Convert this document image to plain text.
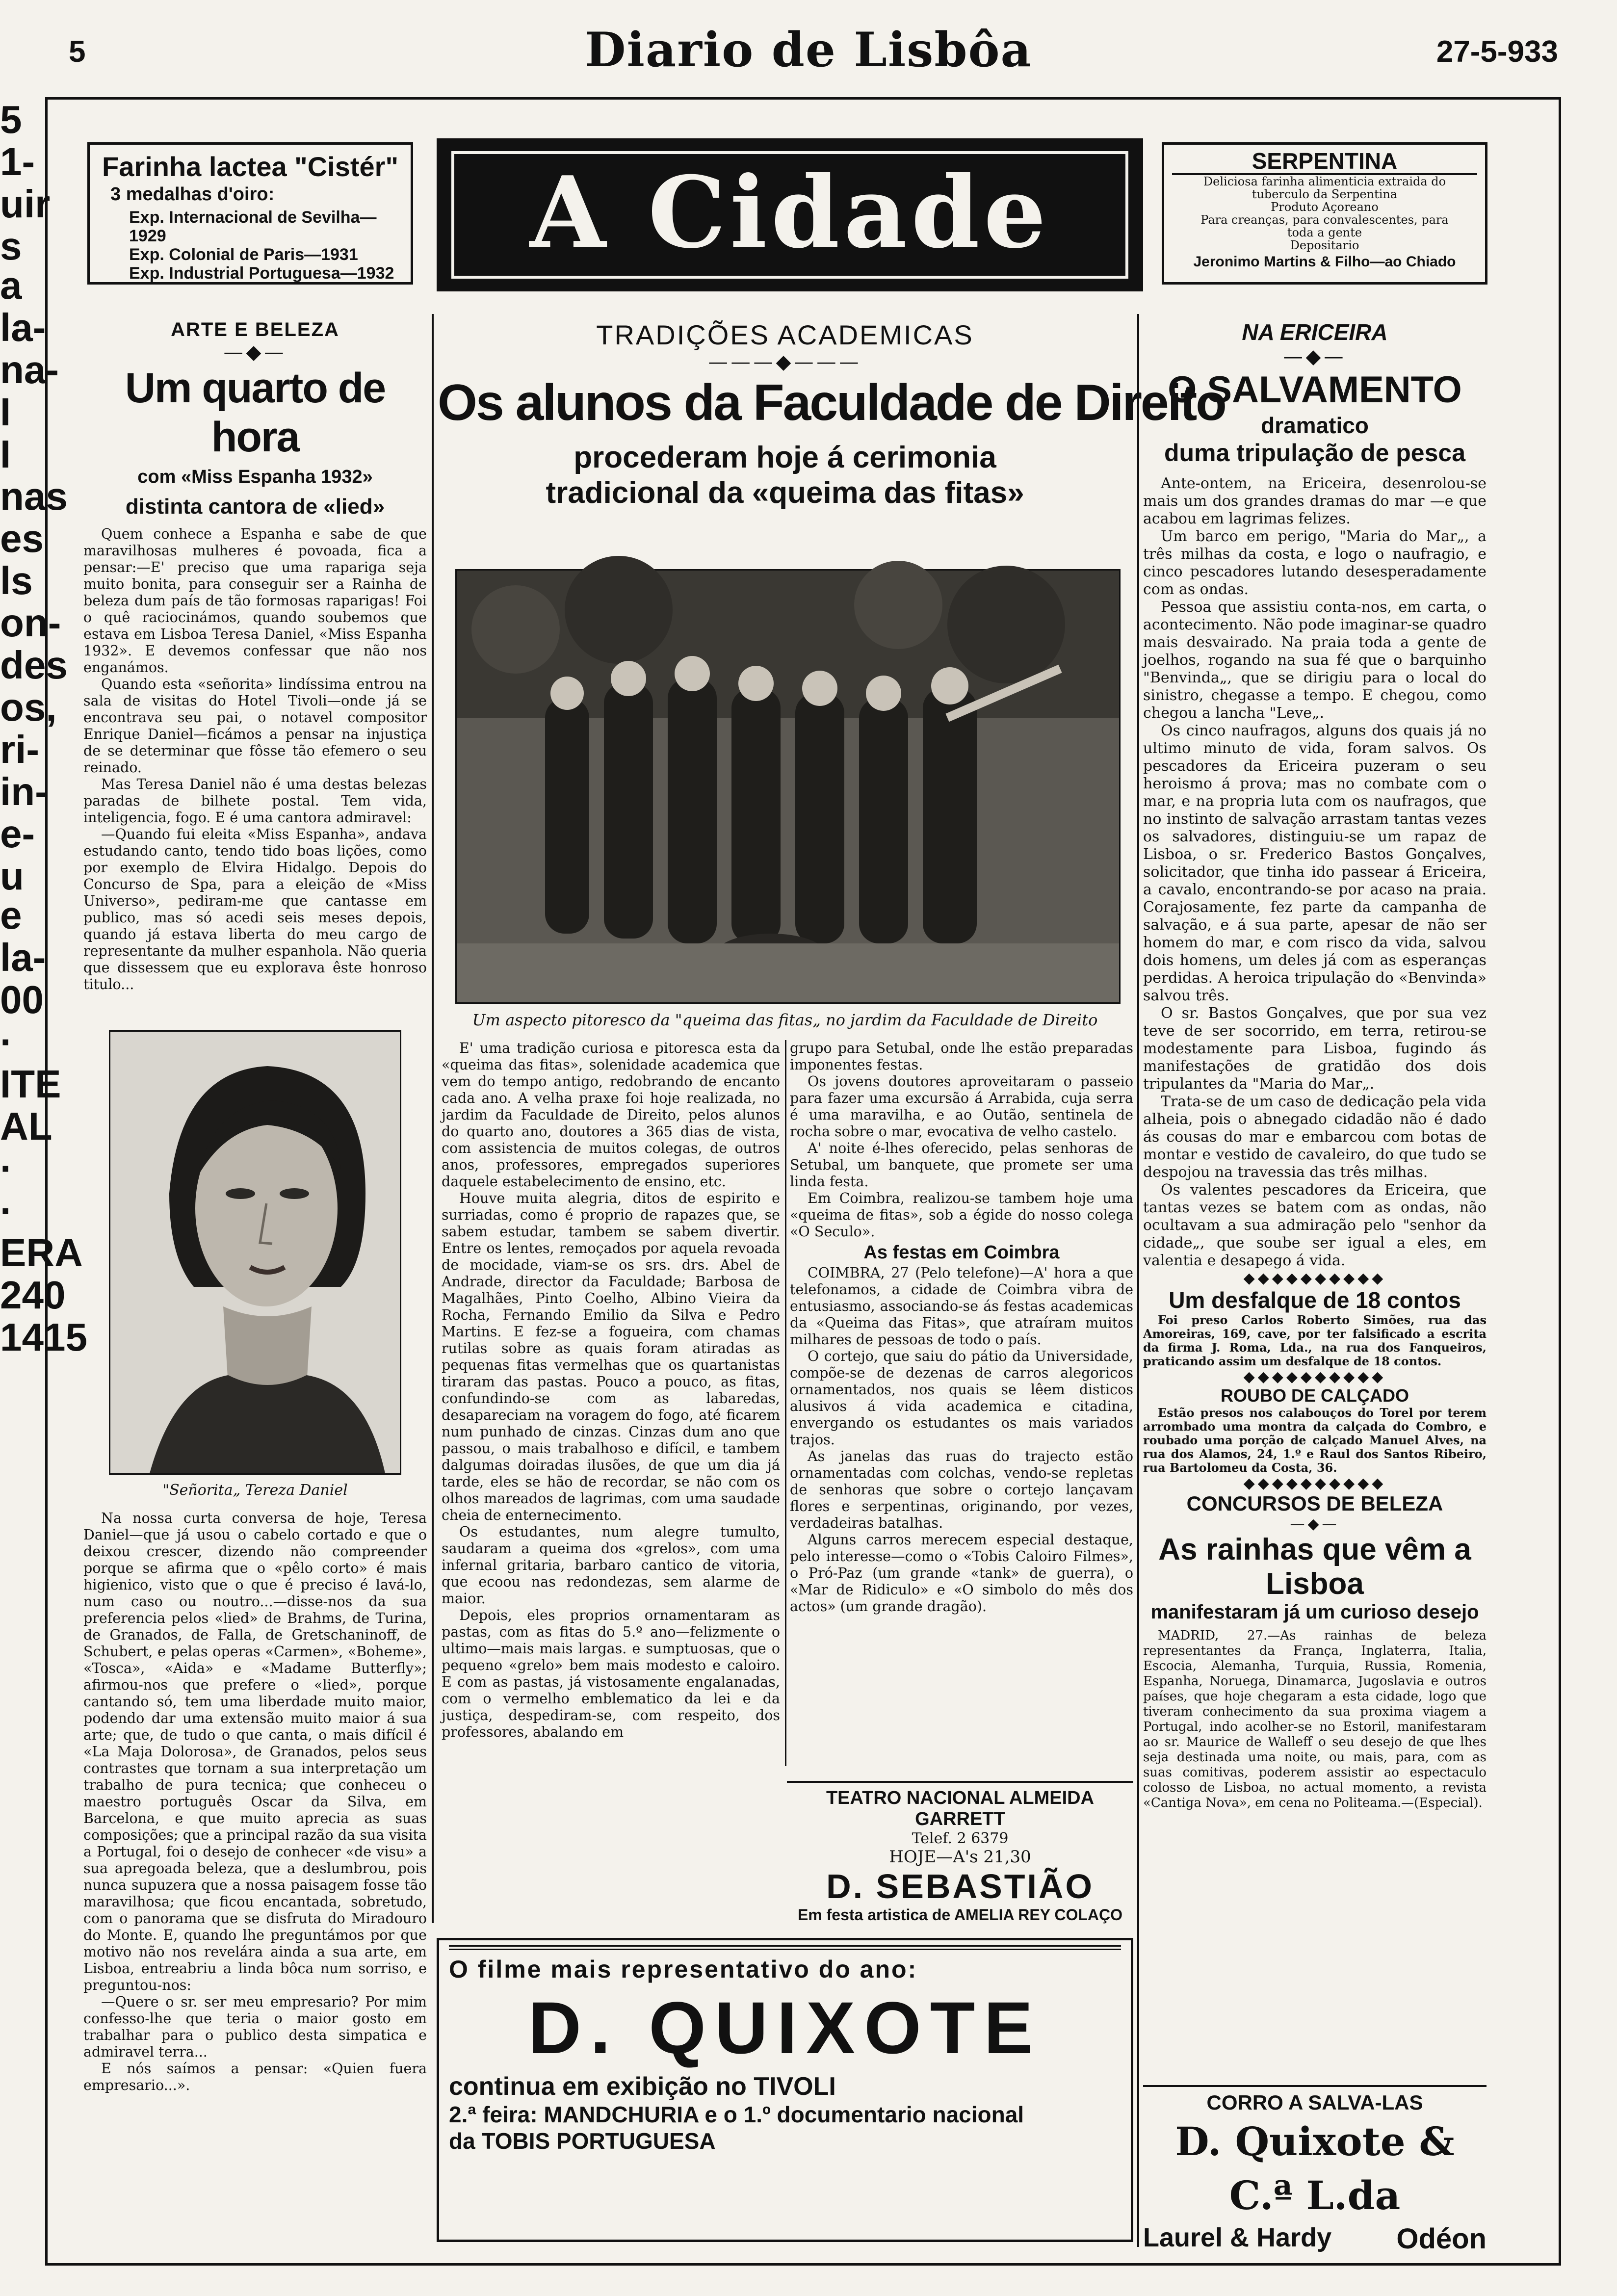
5	Diario de Lisbôa	27-5-933
5
1-
uir
s a
la-
na-
I
I
nas
es
ls
on-
des
os,
ri-
in-
e-
u e
la-
00
·
ITE
AL
·
·
ERA
240
1415
Farinha lactea "Cistér"
3 medalhas d'oiro:
Exp. Internacional de Sevilha—1929
Exp. Colonial de Paris—1931
Exp. Industrial Portuguesa—1932
A Cidade	SERPENTINA
Deliciosa farinha alimenticia extraida do
tuberculo da Serpentina
Produto Açoreano
Para creanças, para convalescentes, para
toda a gente
Depositario
Jeronimo Martins & Filho—ao Chiado
ARTE E BELEZA
—◆—
Um quarto de hora
com «Miss Espanha 1932»
distinta cantora de «lied»

Quem conhece a Espanha e sabe de que maravilhosas mulheres é povoada, fica a pensar:—E' preciso que uma rapariga seja muito bonita, para conseguir ser a Rainha de beleza dum país de tão formosas raparigas! Foi o quê raciocinámos, quando soubemos que estava em Lisboa Teresa Daniel, «Miss Espanha 1932». E devemos confessar que não nos enganámos.

Quando esta «señorita» lindíssima entrou na sala de visitas do Hotel Tivoli—onde já se encontrava seu pai, o notavel compositor Enrique Daniel—ficámos a pensar na injustiça de se determinar que fôsse tão efemero o seu reinado.

Mas Teresa Daniel não é uma destas belezas paradas de bilhete postal. Tem vida, inteligencia, fogo. E é uma cantora admiravel:

—Quando fui eleita «Miss Espanha», andava estudando canto, tendo tido boas lições, como por exemplo de Elvira Hidalgo. Depois do Concurso de Spa, para a eleição de «Miss Universo», pediram-me que cantasse em publico, mas só acedi seis meses depois, quando já estava liberta do meu cargo de representante da mulher espanhola. Não queria que dissessem que eu explorava êste honroso titulo...

"Señorita„ Tereza Daniel

Na nossa curta conversa de hoje, Teresa Daniel—que já usou o cabelo cortado e que o deixou crescer, dizendo não compreender porque se afirma que o «pêlo corto» é mais higienico, visto que o que é preciso é lavá-lo, num caso ou noutro...—disse-nos da sua preferencia pelos «lied» de Brahms, de Turina, de Granados, de Falla, de Gretschaninoff, de Schubert, e pelas operas «Carmen», «Boheme», «Tosca», «Aida» e «Madame Butterfly»; afirmou-nos que prefere o «lied», porque cantando só, tem uma liberdade muito maior, podendo dar uma extensão muito maior á sua arte; que, de tudo o que canta, o mais difícil é «La Maja Dolorosa», de Granados, pelos seus contrastes que tornam a sua interpretação um trabalho de pura tecnica; que conheceu o maestro português Oscar da Silva, em Barcelona, e que muito aprecia as suas composições; que a principal razão da sua visita a Portugal, foi o desejo de conhecer «de visu» a sua apregoada beleza, que a deslumbrou, pois nunca supuzera que a nossa paisagem fosse tão maravilhosa; que ficou encantada, sobretudo, com o panorama que se disfruta do Miradouro do Monte. E, quando lhe preguntámos por que motivo não nos revelára ainda a sua arte, em Lisboa, entreabriu a linda bôca num sorriso, e preguntou-nos:

—Quere o sr. ser meu empresario? Por mim confesso-lhe que teria o maior gosto em trabalhar para o publico desta simpatica e admiravel terra...

E nós saímos a pensar: «Quien fuera empresario...».

TRADIÇÕES ACADEMICAS
———◆———
Os alunos da Faculdade de Direito
procederam hoje á cerimonia tradicional da «queima das fitas»
Um aspecto pitoresco da "queima das fitas„ no jardim da Faculdade de Direito

E' uma tradição curiosa e pitoresca esta da «queima das fitas», solenidade academica que vem do tempo antigo, redobrando de encanto cada ano. A velha praxe foi hoje realizada, no jardim da Faculdade de Direito, pelos alunos do quarto ano, doutores a 365 dias de vista, com assistencia de muitos colegas, de outros anos, professores, empregados superiores daquele estabelecimento de ensino, etc.

Houve muita alegria, ditos de espirito e surriadas, como é proprio de rapazes que, se sabem estudar, tambem se sabem divertir. Entre os lentes, remoçados por aquela revoada de mocidade, viam-se os srs. drs. Abel de Andrade, director da Faculdade; Barbosa de Magalhães, Pinto Coelho, Albino Vieira da Rocha, Fernando Emilio da Silva e Pedro Martins. E fez-se a fogueira, com chamas rutilas sobre as quais foram atiradas as pequenas fitas vermelhas que os quartanistas tiraram das pastas. Pouco a pouco, as fitas, confundindo-se com as labaredas, desapareciam na voragem do fogo, até ficarem num punhado de cinzas. Cinzas dum ano que passou, o mais trabalhoso e difícil, e tambem dalgumas doiradas ilusões, de que um dia já tarde, eles se hão de recordar, se não com os olhos mareados de lagrimas, com uma saudade cheia de enternecimento.

Os estudantes, num alegre tumulto, saudaram a queima dos «grelos», com uma infernal gritaria, barbaro cantico de vitoria, que ecoou nas redondezas, sem alarme de maior.

Depois, eles proprios ornamentaram as pastas, com as fitas do 5.º ano—felizmente o ultimo—mais mais largas. e sumptuosas, que o pequeno «grelo» bem mais modesto e caloiro. E com as pastas, já vistosamente engalanadas, com o vermelho emblematico da lei e da justiça, despediram-se, com respeito, dos professores, abalando em

grupo para Setubal, onde lhe estão preparadas imponentes festas.

Os jovens doutores aproveitaram o passeio para fazer uma excursão á Arrabida, cuja serra é uma maravilha, e ao Outão, sentinela de rocha sobre o mar, evocativa de velho castelo.

A' noite é-lhes oferecido, pelas senhoras de Setubal, um banquete, que promete ser uma linda festa.

Em Coimbra, realizou-se tambem hoje uma «queima de fitas», sob a égide do nosso colega «O Seculo».

As festas em Coimbra

COIMBRA, 27 (Pelo telefone)—A' hora a que telefonamos, a cidade de Coimbra vibra de entusiasmo, associando-se ás festas academicas da «Queima das Fitas», que atraíram muitos milhares de pessoas de todo o país.

O cortejo, que saiu do pátio da Universidade, compõe-se de dezenas de carros alegoricos ornamentados, nos quais se lêem disticos alusivos á vida academica e citadina, envergando os estudantes os mais variados trajos.

As janelas das ruas do trajecto estão ornamentadas com colchas, vendo-se repletas de senhoras que sobre o cortejo lançavam flores e serpentinas, originando, por vezes, verdadeiras batalhas.

Alguns carros merecem especial destaque, pelo interesse—como o «Tobis Caloiro Filmes», o Pró-Paz (um grande «tank» de guerra), o «Mar de Ridiculo» e «O simbolo do mês dos actos» (um grande dragão).

TEATRO NACIONAL ALMEIDA GARRETT
Telef. 2 6379
HOJE—A's 21,30
D. SEBASTIÃO
Em festa artistica de AMELIA REY COLAÇO
O filme mais representativo do ano:
D. QUIXOTE
continua em exibição no TIVOLI
2.ª feira: MANDCHURIA e o 1.º documentario nacional
da TOBIS PORTUGUESA
NA ERICEIRA
—◆—
O SALVAMENTO
dramatico
duma tripulação de pesca

Ante-ontem, na Ericeira, desenrolou-se mais um dos grandes dramas do mar —e que acabou em lagrimas felizes.

Um barco em perigo, "Maria do Mar„, a três milhas da costa, e logo o naufragio, e cinco pescadores lutando desesperadamente com as ondas.

Pessoa que assistiu conta-nos, em carta, o acontecimento. Não pode imaginar-se quadro mais desvairado. Na praia toda a gente de joelhos, rogando na sua fé que o barquinho "Benvinda„, que se dirigiu para o local do sinistro, chegasse a tempo. E chegou, como chegou a lancha "Leve„.

Os cinco naufragos, alguns dos quais já no ultimo minuto de vida, foram salvos. Os pescadores da Ericeira puzeram o seu heroismo á prova; mas no combate com o mar, e na propria luta com os naufragos, que no instinto de salvação arrastam tantas vezes os salvadores, distinguiu-se um rapaz de Lisboa, o sr. Frederico Bastos Gonçalves, solicitador, que tinha ido passear á Ericeira, a cavalo, encontrando-se por acaso na praia. Corajosamente, fez parte da campanha de salvação, e á sua parte, apesar de não ser homem do mar, e com risco da vida, salvou dois homens, um deles já com as esperanças perdidas. A heroica tripulação do «Benvinda» salvou três.

O sr. Bastos Gonçalves, que por sua vez teve de ser socorrido, em terra, retirou-se modestamente para Lisboa, fugindo ás manifestações de gratidão dos dois tripulantes da "Maria do Mar„.

Trata-se de um caso de dedicação pela vida alheia, pois o abnegado cidadão não é dado ás cousas do mar e embarcou com botas de montar e vestido de cavaleiro, do que tudo se despojou na travessia das três milhas.

Os valentes pescadores da Ericeira, que tantas vezes se batem com as ondas, não ocultavam a sua admiração pelo "senhor da cidade„, que soube ser igual a eles, em valentia e desapego á vida.

◆◆◆◆◆◆◆◆◆◆
Um desfalque de 18 contos
Foi preso Carlos Roberto Simões, rua das Amoreiras, 169, cave, por ter falsificado a escrita da firma J. Roma, Lda., na rua dos Fanqueiros, praticando assim um desfalque de 18 contos.
◆◆◆◆◆◆◆◆◆◆
ROUBO DE CALÇADO
Estão presos nos calabouços do Torel por terem arrombado uma montra da calçada do Combro, e roubado uma porção de calçado Manuel Alves, na rua dos Alamos, 24, 1.º e Raul dos Santos Ribeiro, rua Bartolomeu da Costa, 36.
◆◆◆◆◆◆◆◆◆◆
CONCURSOS DE BELEZA
—◆—
As rainhas que vêm a Lisboa
manifestaram já um curioso desejo
MADRID, 27.—As rainhas de beleza representantes da França, Inglaterra, Italia, Escocia, Alemanha, Turquia, Russia, Romenia, Espanha, Noruega, Dinamarca, Jugoslavia e outros países, que hoje chegaram a esta cidade, logo que tiveram conhecimento da sua proxima viagem a Portugal, indo acolher-se no Estoril, manifestaram ao sr. Maurice de Walleff o seu desejo de que lhes seja destinada uma noite, ou mais, para, com as suas comitivas, poderem assistir ao espectaculo colosso de Lisboa, no actual momento, a revista «Cantiga Nova», em cena no Politeama.—(Especial).
CORRO A SALVA-LAS
D. Quixote & C.ª L.da
Laurel & Hardy Odéon
